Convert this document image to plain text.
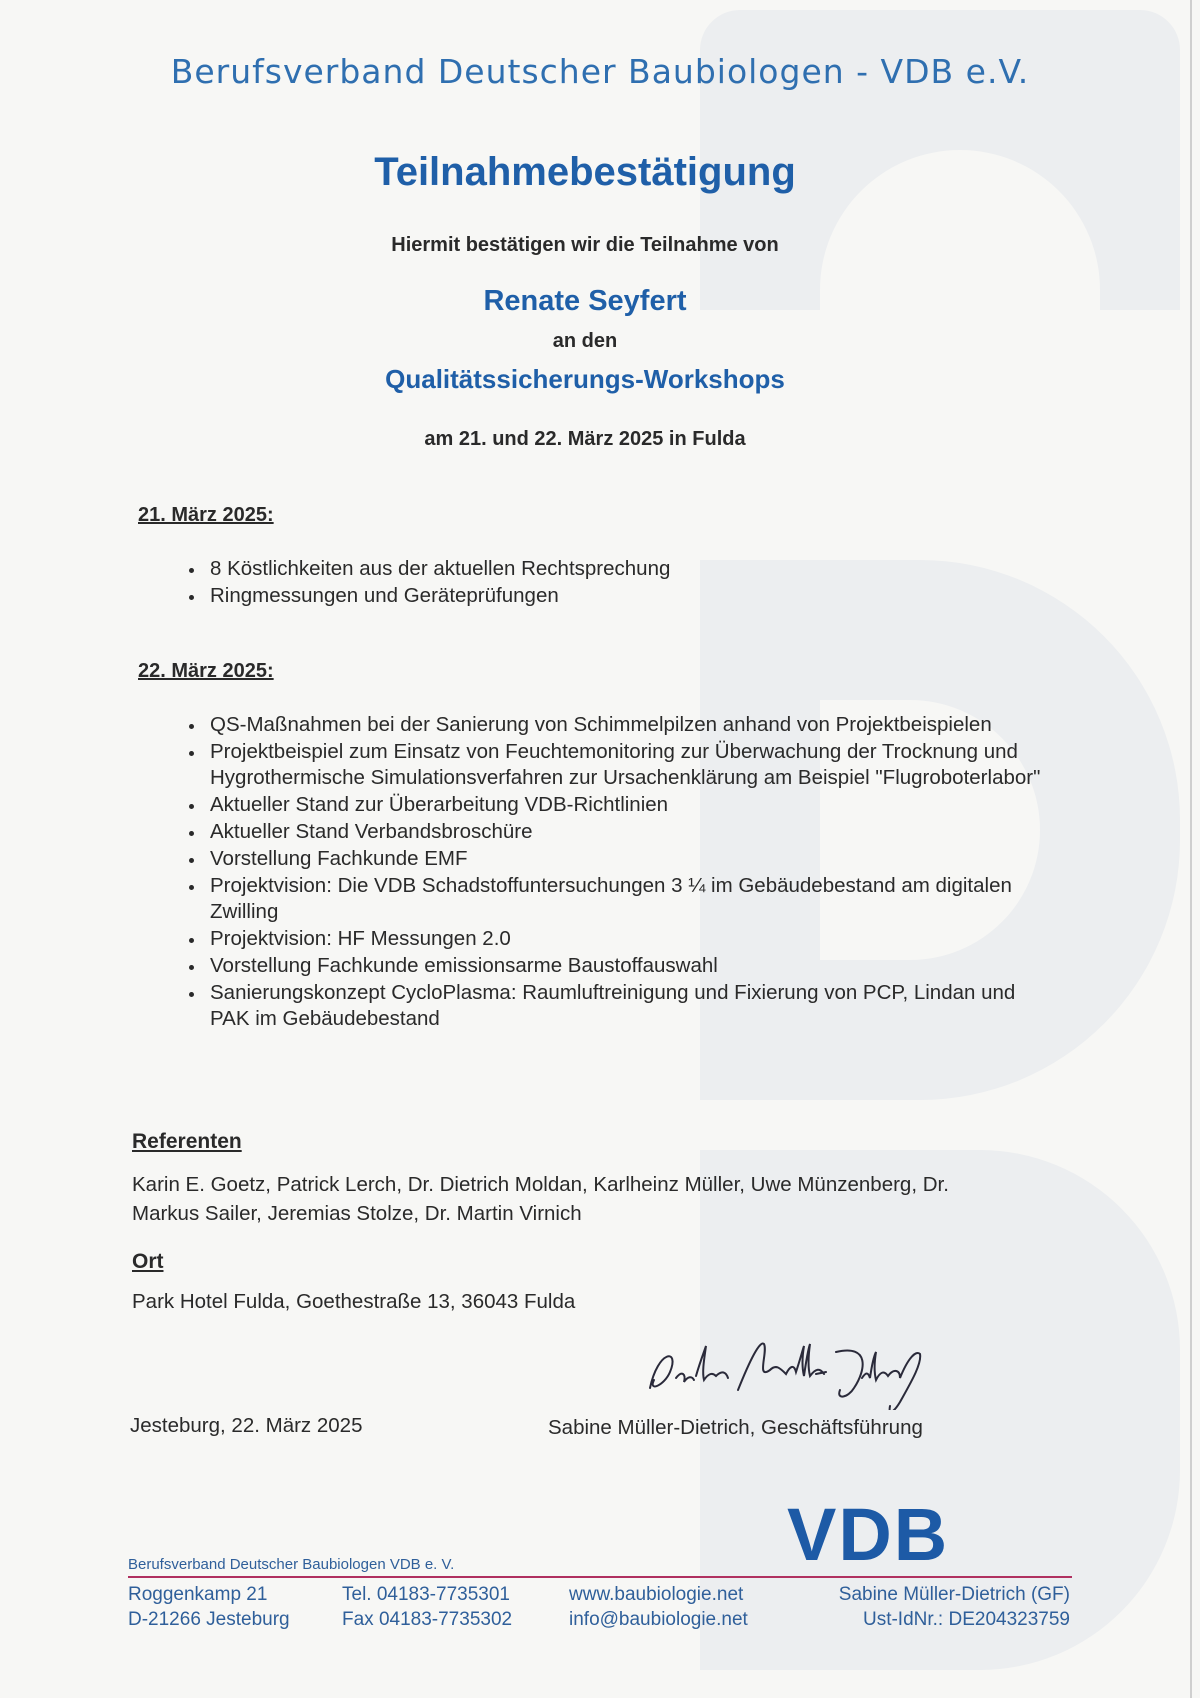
Berufsverband Deutscher Baubiologen - VDB e.V.
Teilnahmebestätigung
Hiermit bestätigen wir die Teilnahme von
Renate Seyfert
an den
Qualitätssicherungs-Workshops
am 21. und 22. März 2025 in Fulda
21. März 2025:
• 8 Köstlichkeiten aus der aktuellen Rechtsprechung
• Ringmessungen und Geräteprüfungen
22. März 2025:
• QS-Maßnahmen bei der Sanierung von Schimmelpilzen anhand von Projektbeispielen
• Projektbeispiel zum Einsatz von Feuchtemonitoring zur Überwachung der Trocknung und Hygrothermische Simulationsverfahren zur Ursachenklärung am Beispiel "Flugroboterlabor"
• Aktueller Stand zur Überarbeitung VDB-Richtlinien
• Aktueller Stand Verbandsbroschüre
• Vorstellung Fachkunde EMF
• Projektvision: Die VDB Schadstoffuntersuchungen 3 ¼ im Gebäudebestand am digitalen Zwilling
• Projektvision: HF Messungen 2.0
• Vorstellung Fachkunde emissionsarme Baustoffauswahl
• Sanierungskonzept CycloPlasma: Raumluftreinigung und Fixierung von PCP, Lindan und PAK im Gebäudebestand
Referenten
Karin E. Goetz, Patrick Lerch, Dr. Dietrich Moldan, Karlheinz Müller, Uwe Münzenberg, Dr. Markus Sailer, Jeremias Stolze, Dr. Martin Virnich
Ort
Park Hotel Fulda, Goethestraße 13, 36043 Fulda
Jesteburg, 22. März 2025	Sabine Müller-Dietrich, Geschäftsführung
VDB
Berufsverband Deutscher Baubiologen VDB e. V.
Roggenkamp 21
D-21266 Jesteburg
Tel. 04183-7735301
Fax 04183-7735302
www.baubiologie.net
info@baubiologie.net
Sabine Müller-Dietrich (GF)
Ust-IdNr.: DE204323759
